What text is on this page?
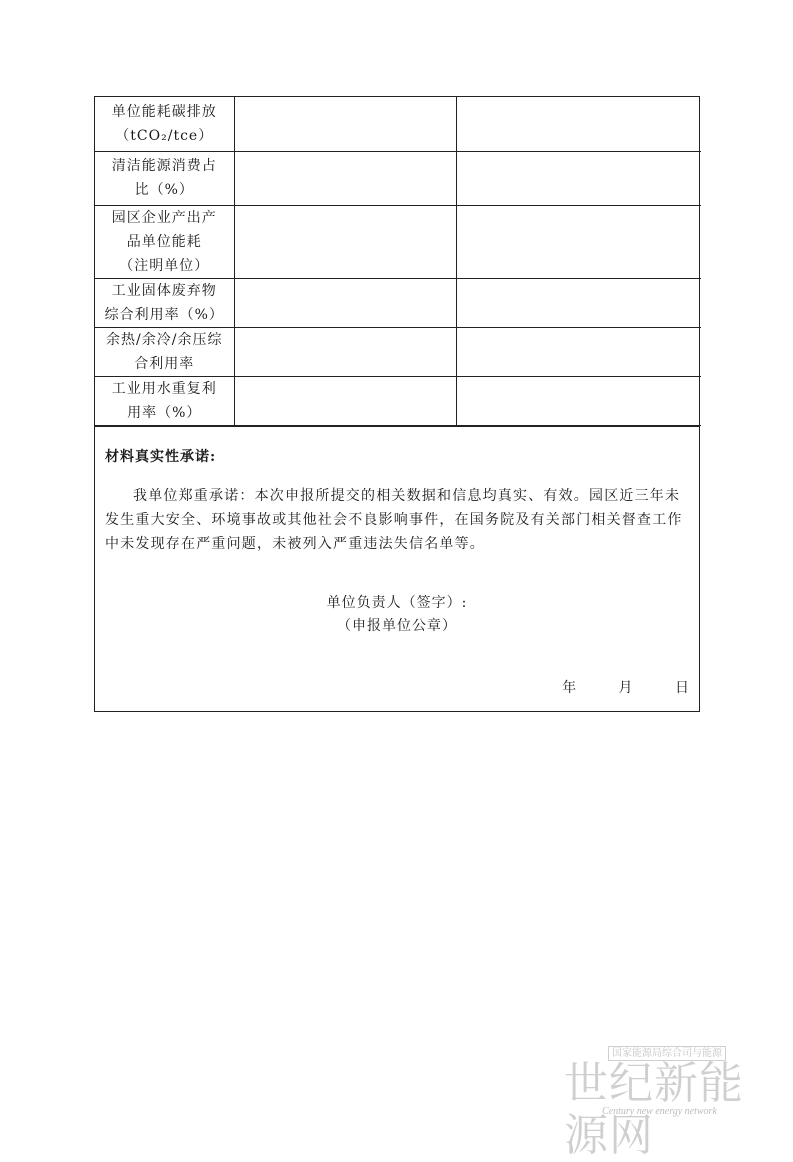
单位能耗碳排放
（tCO₂/tce）		

清洁能源消费占
比（%）		

园区企业产出产
品单位能耗
（注明单位）		

工业固体废弃物
综合利用率（%）		

余热/余冷/余压综
合利用率		

工业用水重复利
用率（%）		

材料真实性承诺:
我单位郑重承诺：本次申报所提交的相关数据和信息均真实、有效。园区近三年未发生重大安全、环境事故或其他社会不良影响事件，在国务院及有关部门相关督查工作中未发现存在严重问题，未被列入严重违法失信名单等。
单位负责人（签字）:
（申报单位公章）
年	月	日
国家能源局综合司与能源
世纪新能源网
Century new energy network
